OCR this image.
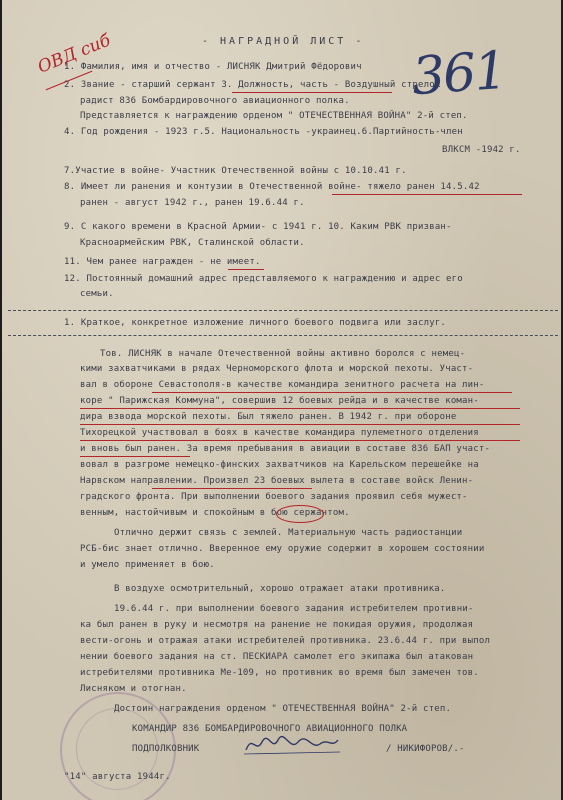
ОВД сиб	- НАГРАДНОЙ ЛИСТ - 361
1. Фамилия, имя и отчество - ЛИСНЯК Дмитрий Фёдорович
2. Звание - старший сержант 3. Должность, часть - Воздушный стрелок
радист 836 Бомбардировочного авиационного полка.
Представляется к награждению орденом " ОТЕЧЕСТВЕННАЯ ВОЙНА" 2-й степ.
4. Год рождения - 1923 г.5. Национальность -украинец.6.Партийность-член
ВЛКСМ -1942 г.
7.Участие в войне- Участник Отечественной войны с 10.10.41 г.
8. Имеет ли ранения и контузии в Отечественной войне- тяжело ранен 14.5.42
ранен - август 1942 г., ранен 19.6.44 г.
9. С какого времени в Красной Армии- с 1941 г. 10. Каким РВК призван-
Красноармейским РВК, Сталинской области.
11. Чем ранее награжден - не имеет.
12. Постоянный домашний адрес представляемого к награждению и адрес его
семьи.
1. Краткое, конкретное изложение личного боевого подвига или заслуг.
Тов. ЛИСНЯК в начале Отечественной войны активно боролся с немец-
кими захватчиками в рядах Черноморского флота и морской пехоты. Участ-
вал в обороне Севастополя-в качестве командира зенитного расчета на лин-
коре " Парижская Коммуна", совершив 12 боевых рейда и в качестве коман-
дира взвода морской пехоты. Был тяжело ранен. В 1942 г. при обороне
Тихорецкой участвовал в боях в качестве командира пулеметного отделения
и вновь был ранен. За время пребывания в авиации в составе 836 БАП участ-
вовал в разгроме немецко-финских захватчиков на Карельском перешейке на
Нарвском направлении. Произвел 23 боевых вылета в составе войск Ленин-
градского фронта. При выполнении боевого задания проявил себя мужест-
венным, настойчивым и спокойным в бою сержантом.
Отлично держит связь с землей. Материальную часть радиостанции
РСБ-бис знает отлично. Вверенное ему оружие содержит в хорошем состоянии
и умело применяет в бою.
В воздухе осмотрительный, хорошо отражает атаки противника.
19.6.44 г. при выполнении боевого задания истребителем противни-
ка был ранен в руку и несмотря на ранение не покидая оружия, продолжая
вести-огонь и отражая атаки истребителей противника. 23.6.44 г. при выпол
нении боевого задания на ст. ПЕСКИАРА самолет его экипажа был атакован
истребителями противника Ме-109, но противник во время был замечен тов.
Лисняком и отогнан.
Достоин награждения орденом " ОТЕЧЕСТВЕННАЯ ВОЙНА" 2-й степ.
КОМАНДИР 836 БОМБАРДИРОВОЧНОГО АВИАЦИОННОГО ПОЛКА
ПОДПОЛКОВНИК	/ НИКИФОРОВ/.-
"14" августа 1944г.
